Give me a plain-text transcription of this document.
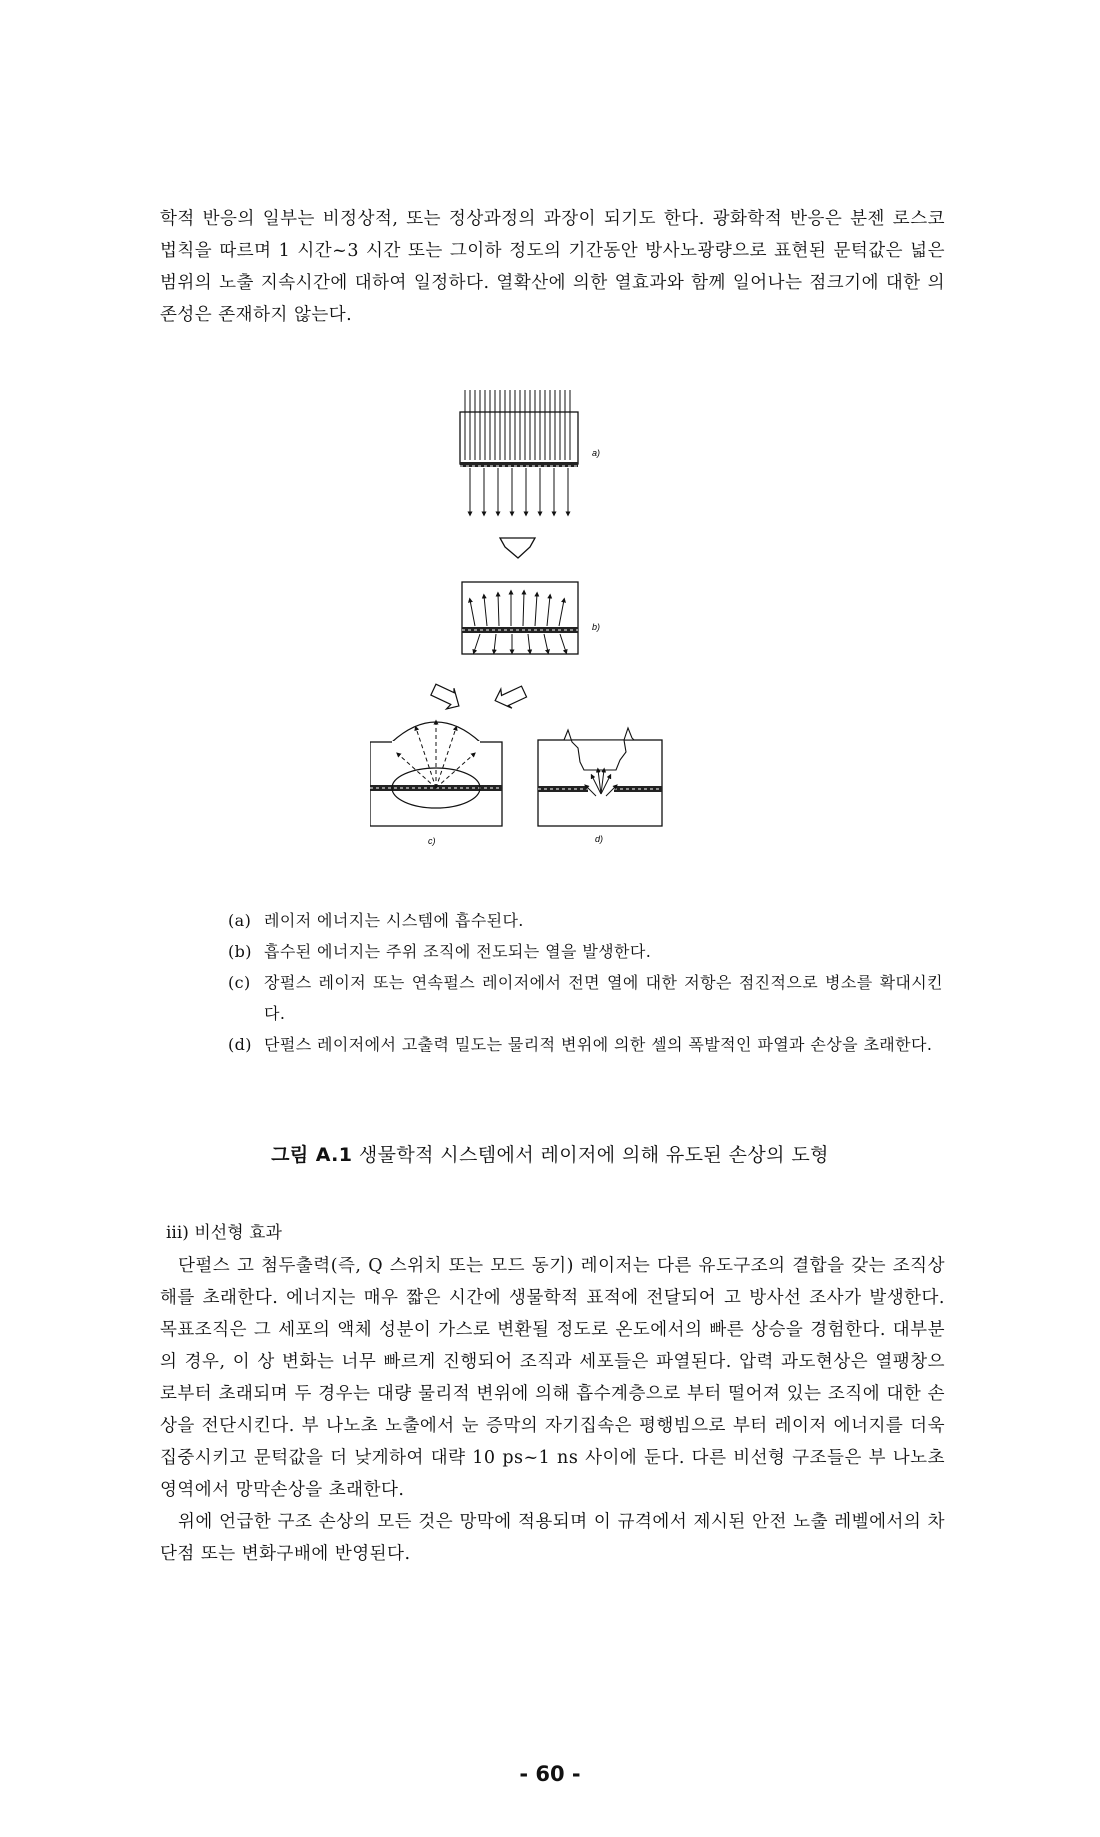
학적 반응의 일부는 비정상적, 또는 정상과정의 과장이 되기도 한다. 광화학적 반응은 분젠 로스코 법칙을 따르며 1 시간~3 시간 또는 그이하 정도의 기간동안 방사노광량으로 표현된 문턱값은 넓은 범위의 노출 지속시간에 대하여 일정하다. 열확산에 의한 열효과와 함께 일어나는 점크기에 대한 의존성은 존재하지 않는다.

a)
b)
c)	d)
(a) 레이저 에너지는 시스템에 흡수된다.
(b) 흡수된 에너지는 주위 조직에 전도되는 열을 발생한다.
(c) 장펄스 레이저 또는 연속펄스 레이저에서 전면 열에 대한 저항은 점진적으로 병소를 확대시킨다.
(d) 단펄스 레이저에서 고출력 밀도는 물리적 변위에 의한 셀의 폭발적인 파열과 손상을 초래한다.
그림 A.1 생물학적 시스템에서 레이저에 의해 유도된 손상의 도형
iii) 비선형 효과

단펄스 고 첨두출력(즉, Q 스위치 또는 모드 동기) 레이저는 다른 유도구조의 결합을 갖는 조직상해를 초래한다. 에너지는 매우 짧은 시간에 생물학적 표적에 전달되어 고 방사선 조사가 발생한다. 목표조직은 그 세포의 액체 성분이 가스로 변환될 정도로 온도에서의 빠른 상승을 경험한다. 대부분의 경우, 이 상 변화는 너무 빠르게 진행되어 조직과 세포들은 파열된다. 압력 과도현상은 열팽창으로부터 초래되며 두 경우는 대량 물리적 변위에 의해 흡수계층으로 부터 떨어져 있는 조직에 대한 손상을 전단시킨다. 부 나노초 노출에서 눈 증막의 자기집속은 평행빔으로 부터 레이저 에너지를 더욱 집중시키고 문턱값을 더 낮게하여 대략 10 ps~1 ns 사이에 둔다. 다른 비선형 구조들은 부 나노초 영역에서 망막손상을 초래한다.

위에 언급한 구조 손상의 모든 것은 망막에 적용되며 이 규격에서 제시된 안전 노출 레벨에서의 차단점 또는 변화구배에 반영된다.

- 60 -
